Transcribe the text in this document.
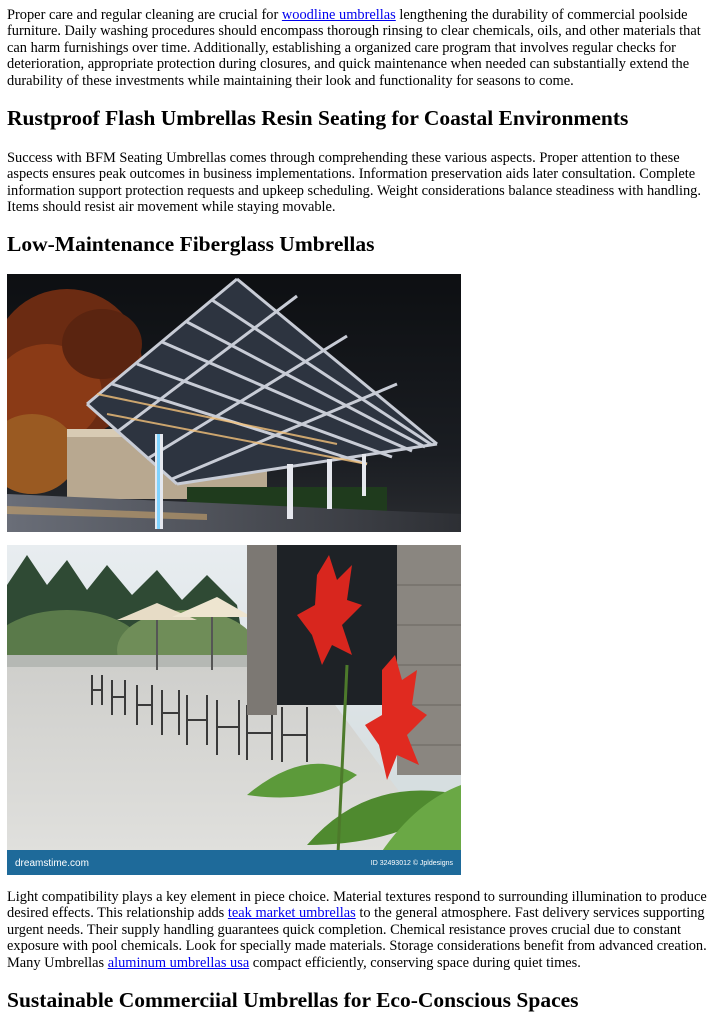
Proper care and regular cleaning are crucial for woodline umbrellas lengthening the durability of commercial poolside furniture. Daily washing procedures should encompass thorough rinsing to clear chemicals, oils, and other materials that can harm furnishings over time. Additionally, establishing a organized care program that involves regular checks for deterioration, appropriate protection during closures, and quick maintenance when needed can substantially extend the durability of these investments while maintaining their look and functionality for seasons to come.

Rustproof Flash Umbrellas Resin Seating for Coastal Environments

Success with BFM Seating Umbrellas comes through comprehending these various aspects. Proper attention to these aspects ensures peak outcomes in business implementations. Information preservation aids later consultation. Complete information support protection requests and upkeep scheduling. Weight considerations balance steadiness with handling. Items should resist air movement while staying movable.

Low-Maintenance Fiberglass Umbrellas
dreamstime.com	ID 32493012 © Jpldesigns

Light compatibility plays a key element in piece choice. Material textures respond to surrounding illumination to produce desired effects. This relationship adds teak market umbrellas to the general atmosphere. Fast delivery services supporting urgent needs. Their supply handling guarantees quick completion. Chemical resistance proves crucial due to constant exposure with pool chemicals. Look for specially made materials. Storage considerations benefit from advanced creation. Many Umbrellas aluminum umbrellas usa compact efficiently, conserving space during quiet times.

Sustainable Commerciial Umbrellas for Eco-Conscious Spaces
